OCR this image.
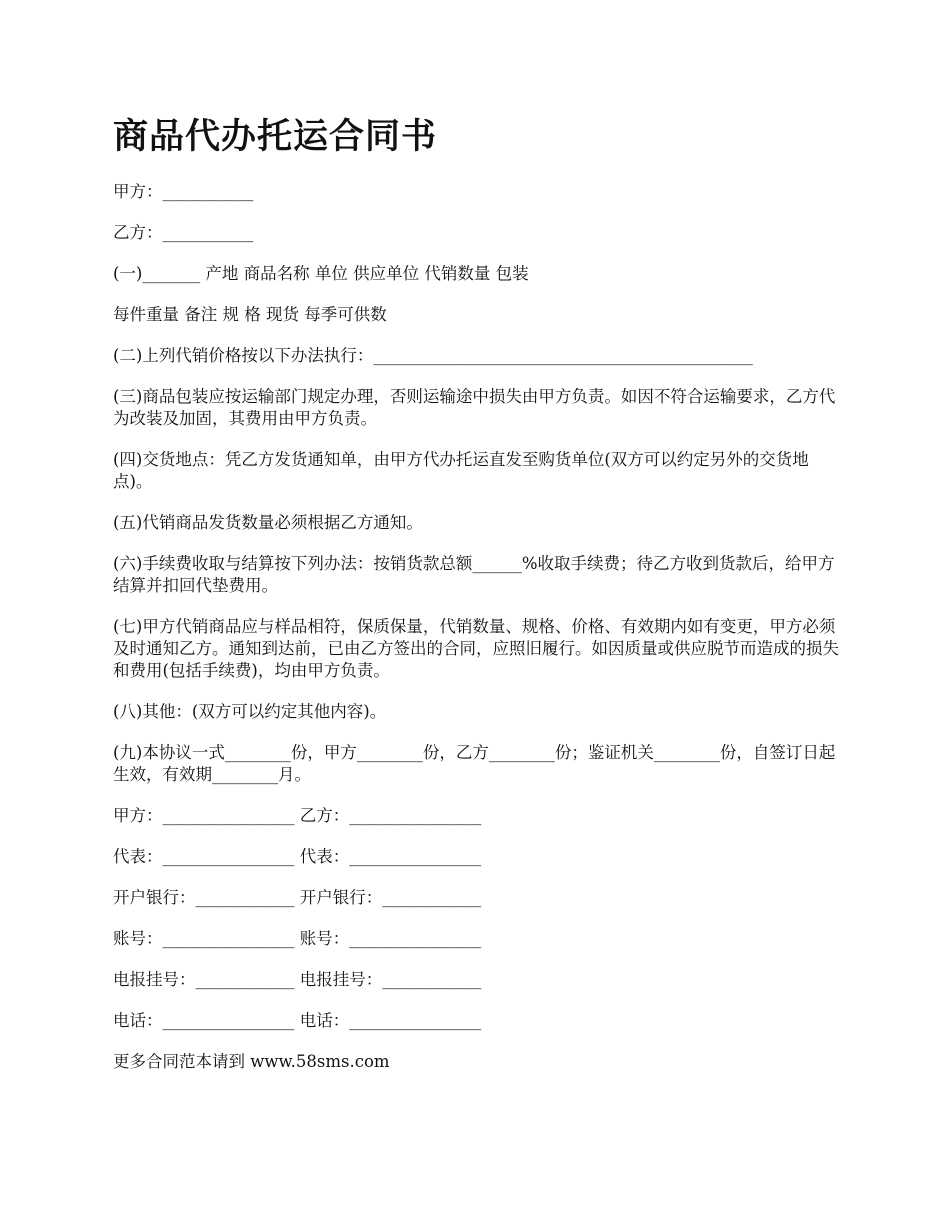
商品代办托运合同书
甲方：___________
乙方：___________
(一)_______ 产地 商品名称 单位 供应单位 代销数量 包装
每件重量 备注 规 格 现货 每季可供数
(二)上列代销价格按以下办法执行：______________________________________________
(三)商品包装应按运输部门规定办理，否则运输途中损失由甲方负责。如因不符合运输要求，乙方代为改装及加固，其费用由甲方负责。
(四)交货地点：凭乙方发货通知单，由甲方代办托运直发至购货单位(双方可以约定另外的交货地点)。
(五)代销商品发货数量必须根据乙方通知。
(六)手续费收取与结算按下列办法：按销货款总额______%收取手续费；待乙方收到货款后，给甲方结算并扣回代垫费用。
(七)甲方代销商品应与样品相符，保质保量，代销数量、规格、价格、有效期内如有变更，甲方必须及时通知乙方。通知到达前，已由乙方签出的合同，应照旧履行。如因质量或供应脱节而造成的损失和费用(包括手续费)，均由甲方负责。
(八)其他：(双方可以约定其他内容)。
(九)本协议一式________份，甲方________份，乙方________份；鉴证机关________份，自签订日起生效，有效期________月。
甲方：________________ 乙方：________________
代表：________________ 代表：________________
开户银行：____________ 开户银行：____________
账号：________________ 账号：________________
电报挂号：____________ 电报挂号：____________
电话：________________ 电话：________________
更多合同范本请到 www.58sms.com
